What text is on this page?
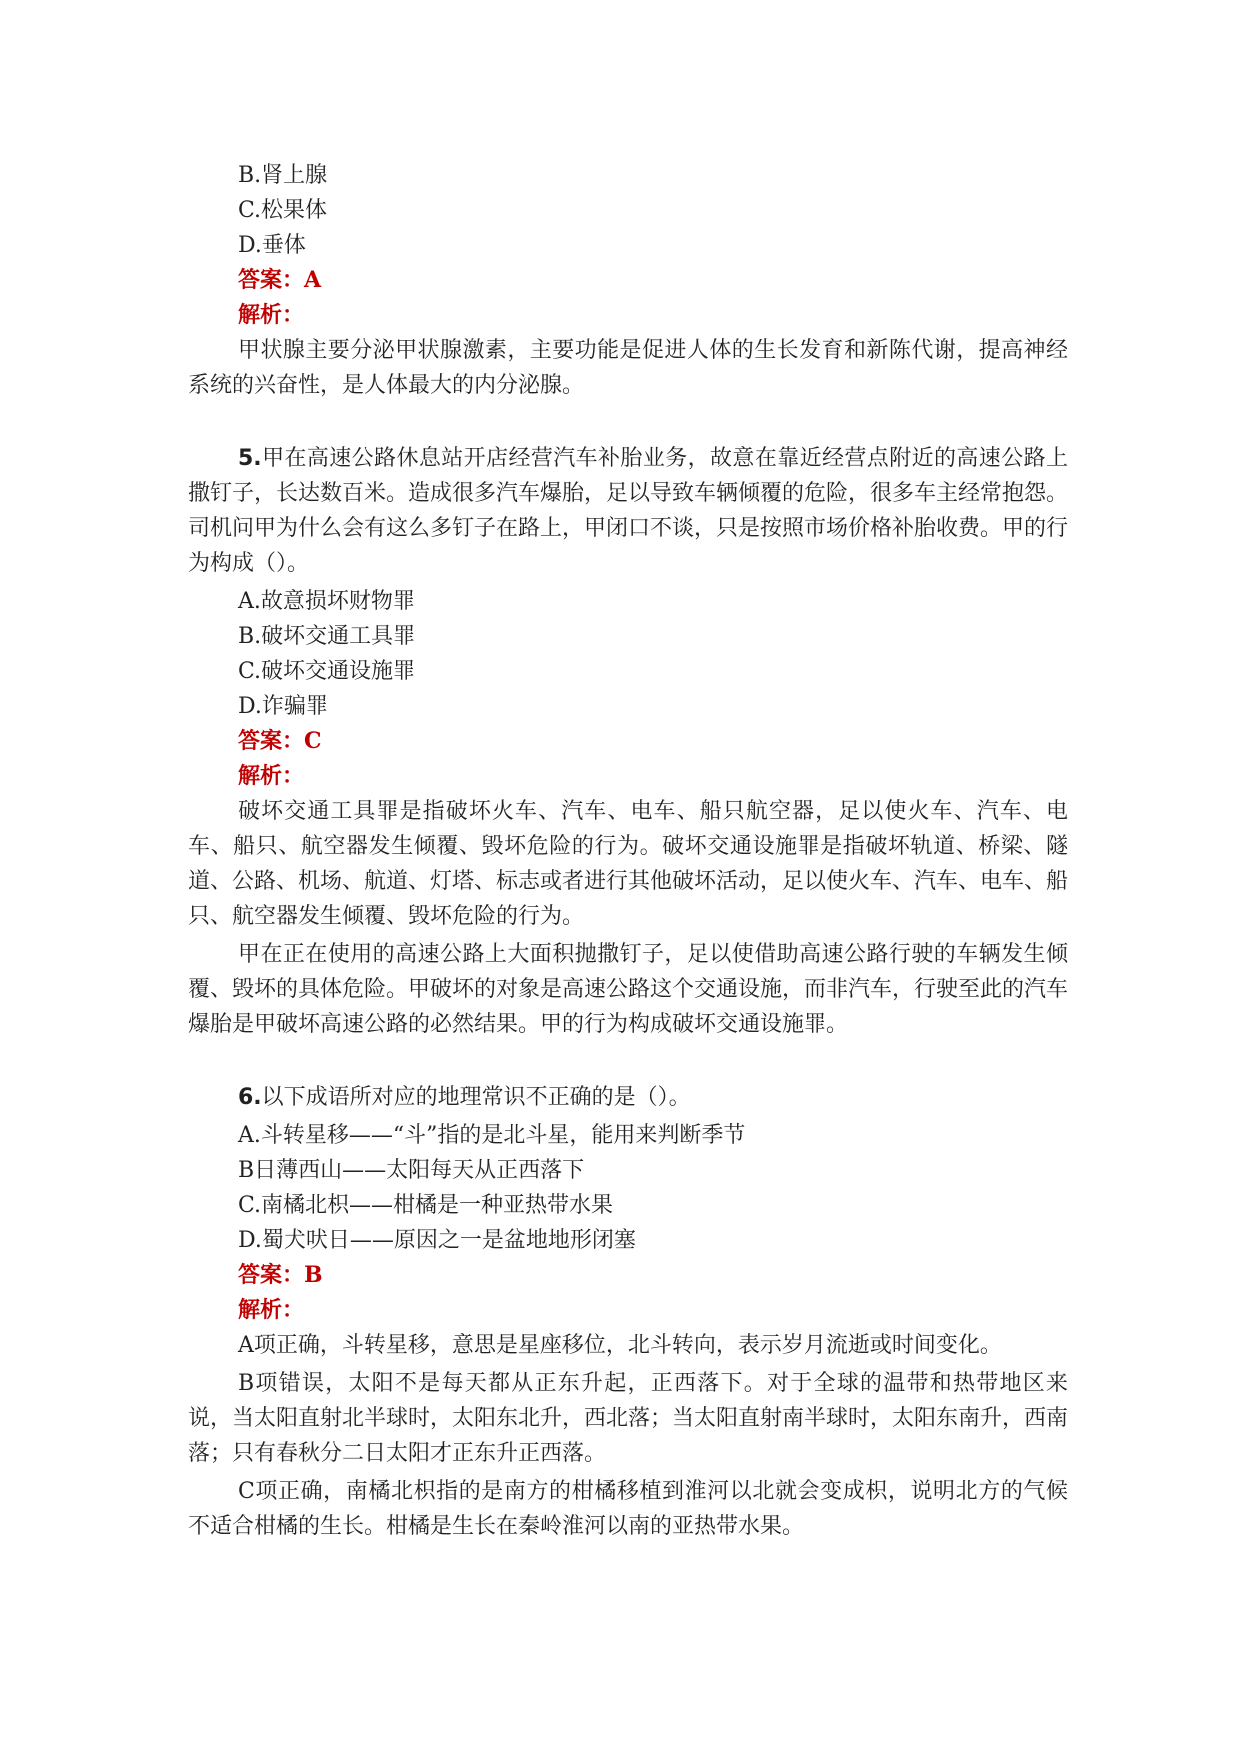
B.肾上腺
C.松果体
D.垂体
答案：A
解析：
甲状腺主要分泌甲状腺激素，主要功能是促进人体的生长发育和新陈代谢，提高神经系统的兴奋性，是人体最大的内分泌腺。
5.甲在高速公路休息站开店经营汽车补胎业务，故意在靠近经营点附近的高速公路上撒钉子，长达数百米。造成很多汽车爆胎，足以导致车辆倾覆的危险，很多车主经常抱怨。司机问甲为什么会有这么多钉子在路上，甲闭口不谈，只是按照市场价格补胎收费。甲的行为构成（）。
A.故意损坏财物罪
B.破坏交通工具罪
C.破坏交通设施罪
D.诈骗罪
答案：C
解析：
破坏交通工具罪是指破坏火车、汽车、电车、船只航空器，足以使火车、汽车、电车、船只、航空器发生倾覆、毁坏危险的行为。破坏交通设施罪是指破坏轨道、桥梁、隧道、公路、机场、航道、灯塔、标志或者进行其他破坏活动，足以使火车、汽车、电车、船只、航空器发生倾覆、毁坏危险的行为。
甲在正在使用的高速公路上大面积抛撒钉子，足以使借助高速公路行驶的车辆发生倾覆、毁坏的具体危险。甲破坏的对象是高速公路这个交通设施，而非汽车，行驶至此的汽车爆胎是甲破坏高速公路的必然结果。甲的行为构成破坏交通设施罪。
6.以下成语所对应的地理常识不正确的是（）。
A.斗转星移——“斗”指的是北斗星，能用来判断季节
B日薄西山——太阳每天从正西落下
C.南橘北枳——柑橘是一种亚热带水果
D.蜀犬吠日——原因之一是盆地地形闭塞
答案：B
解析：
A项正确，斗转星移，意思是星座移位，北斗转向，表示岁月流逝或时间变化。
B项错误，太阳不是每天都从正东升起，正西落下。对于全球的温带和热带地区来说，当太阳直射北半球时，太阳东北升，西北落；当太阳直射南半球时，太阳东南升，西南落；只有春秋分二日太阳才正东升正西落。
C项正确，南橘北枳指的是南方的柑橘移植到淮河以北就会变成枳，说明北方的气候不适合柑橘的生长。柑橘是生长在秦岭淮河以南的亚热带水果。
